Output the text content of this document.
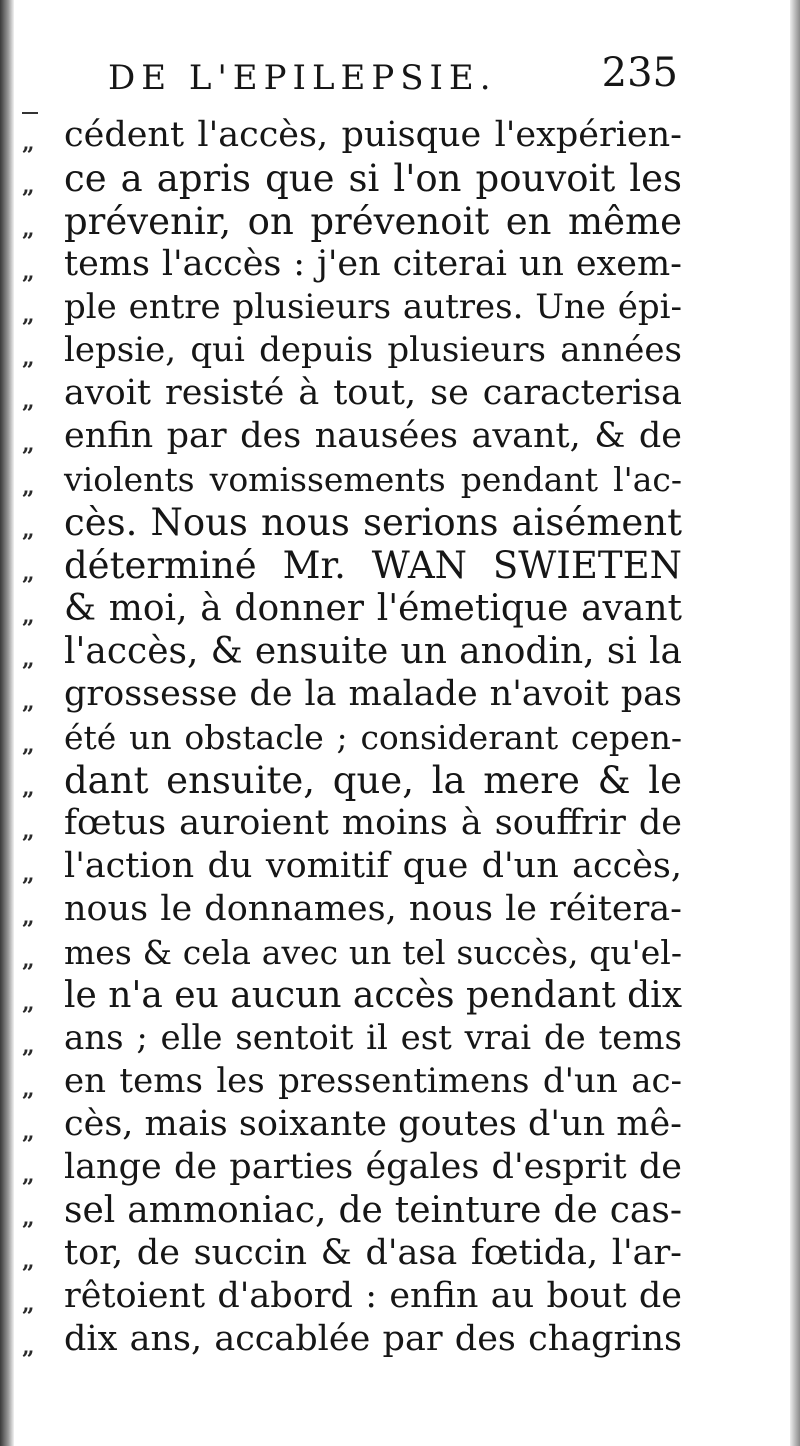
DE L'EPILEPSIE.	235
„ cédent l'accès, puisque l'expérien-
„ ce a apris que si l'on pouvoit les
„ prévenir, on prévenoit en même
„ tems l'accès : j'en citerai un exem-
„ ple entre plusieurs autres. Une épi-
„ lepsie, qui depuis plusieurs années
„ avoit resisté à tout, se caracterisa
„ enfin par des nausées avant, & de
„ violents vomissements pendant l'ac-
„ cès. Nous nous serions aisément
„ déterminé Mr. WAN SWIETEN
„ & moi, à donner l'émetique avant
„ l'accès, & ensuite un anodin, si la
„ grossesse de la malade n'avoit pas
„ été un obstacle ; considerant cepen-
„ dant ensuite, que, la mere & le
„ fœtus auroient moins à souffrir de
„ l'action du vomitif que d'un accès,
„ nous le donnames, nous le réitera-
„ mes & cela avec un tel succès, qu'el-
„ le n'a eu aucun accès pendant dix
„ ans ; elle sentoit il est vrai de tems
„ en tems les pressentimens d'un ac-
„ cès, mais soixante goutes d'un mê-
„ lange de parties égales d'esprit de
„ sel ammoniac, de teinture de cas-
„ tor, de succin & d'asa fœtida, l'ar-
„ rêtoient d'abord : enfin au bout de
„ dix ans, accablée par des chagrins
